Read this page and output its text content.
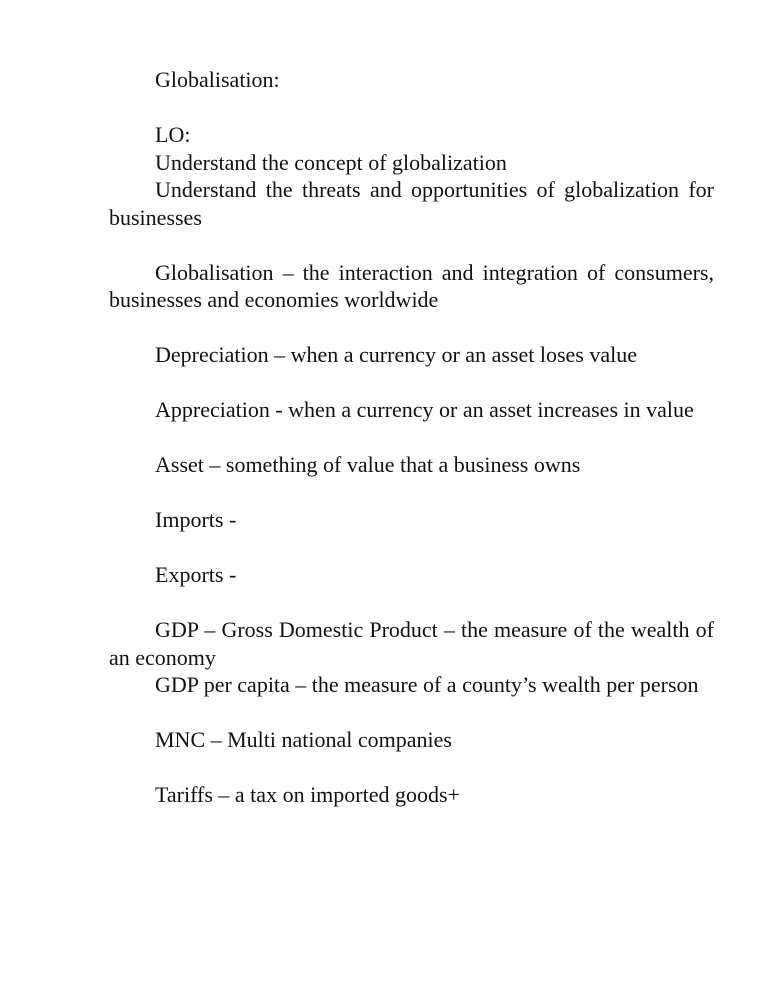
Globalisation:

LO:

Understand the concept of globalization

Understand the threats and opportunities of globalization for businesses

Globalisation – the interaction and integration of consumers, businesses and economies worldwide

Depreciation – when a currency or an asset loses value

Appreciation - when a currency or an asset increases in value

Asset – something of value that a business owns

Imports -

Exports -

GDP – Gross Domestic Product – the measure of the wealth of an economy

GDP per capita – the measure of a county’s wealth per person

MNC – Multi national companies

Tariffs – a tax on imported goods+
